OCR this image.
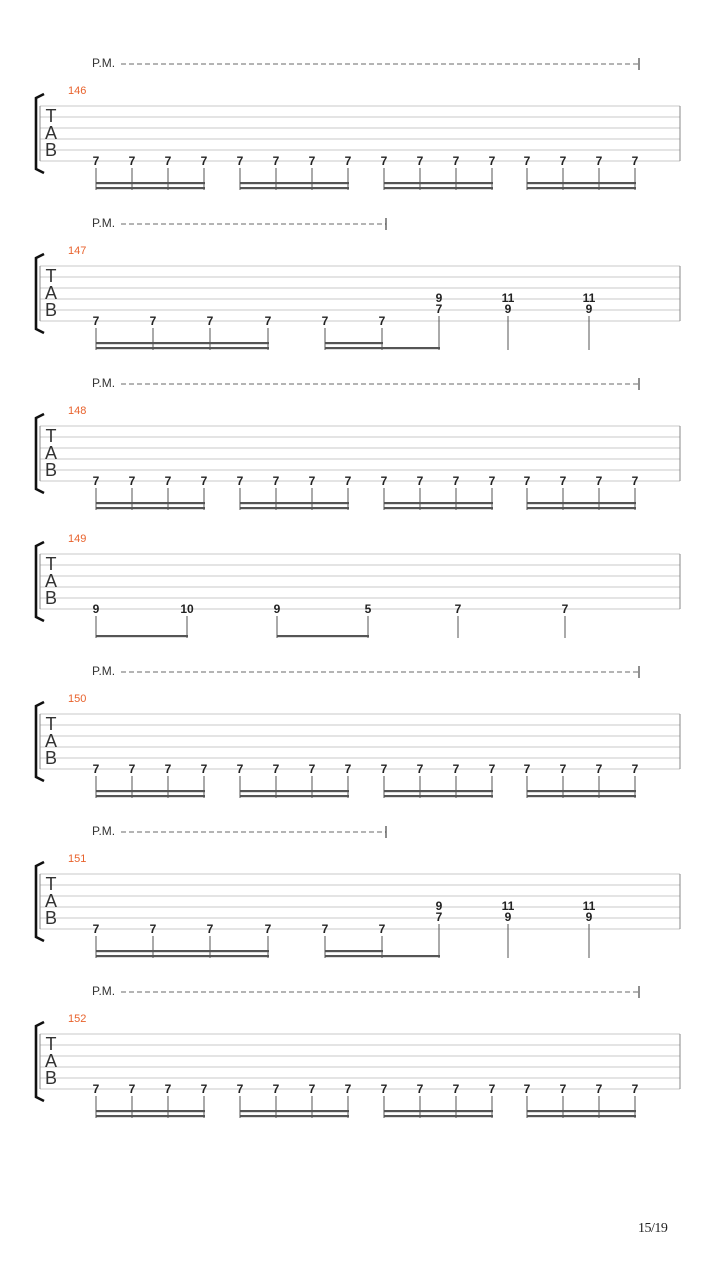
P.M.
146
T
A
B
7 7 7 7 7 7 7 7 7 7 7 7 7 7 7 7
P.M.
147
T
A
B
7	7	7	7	7	7
9
7
11
9
11
9
P.M.
148
T
A
B
7 7 7 7 7 7 7 7 7 7 7 7 7 7 7 7
149
T
A
B
9	10	9	5	7	7
P.M.
150
T
A
B
7 7 7 7 7 7 7 7 7 7 7 7 7 7 7 7
P.M.
151
T
A
B
7	7	7	7	7	7
9
7
11
9
11
9
P.M.
152
T
A
B
7 7 7 7 7 7 7 7 7 7 7 7 7 7 7 7
15/19
